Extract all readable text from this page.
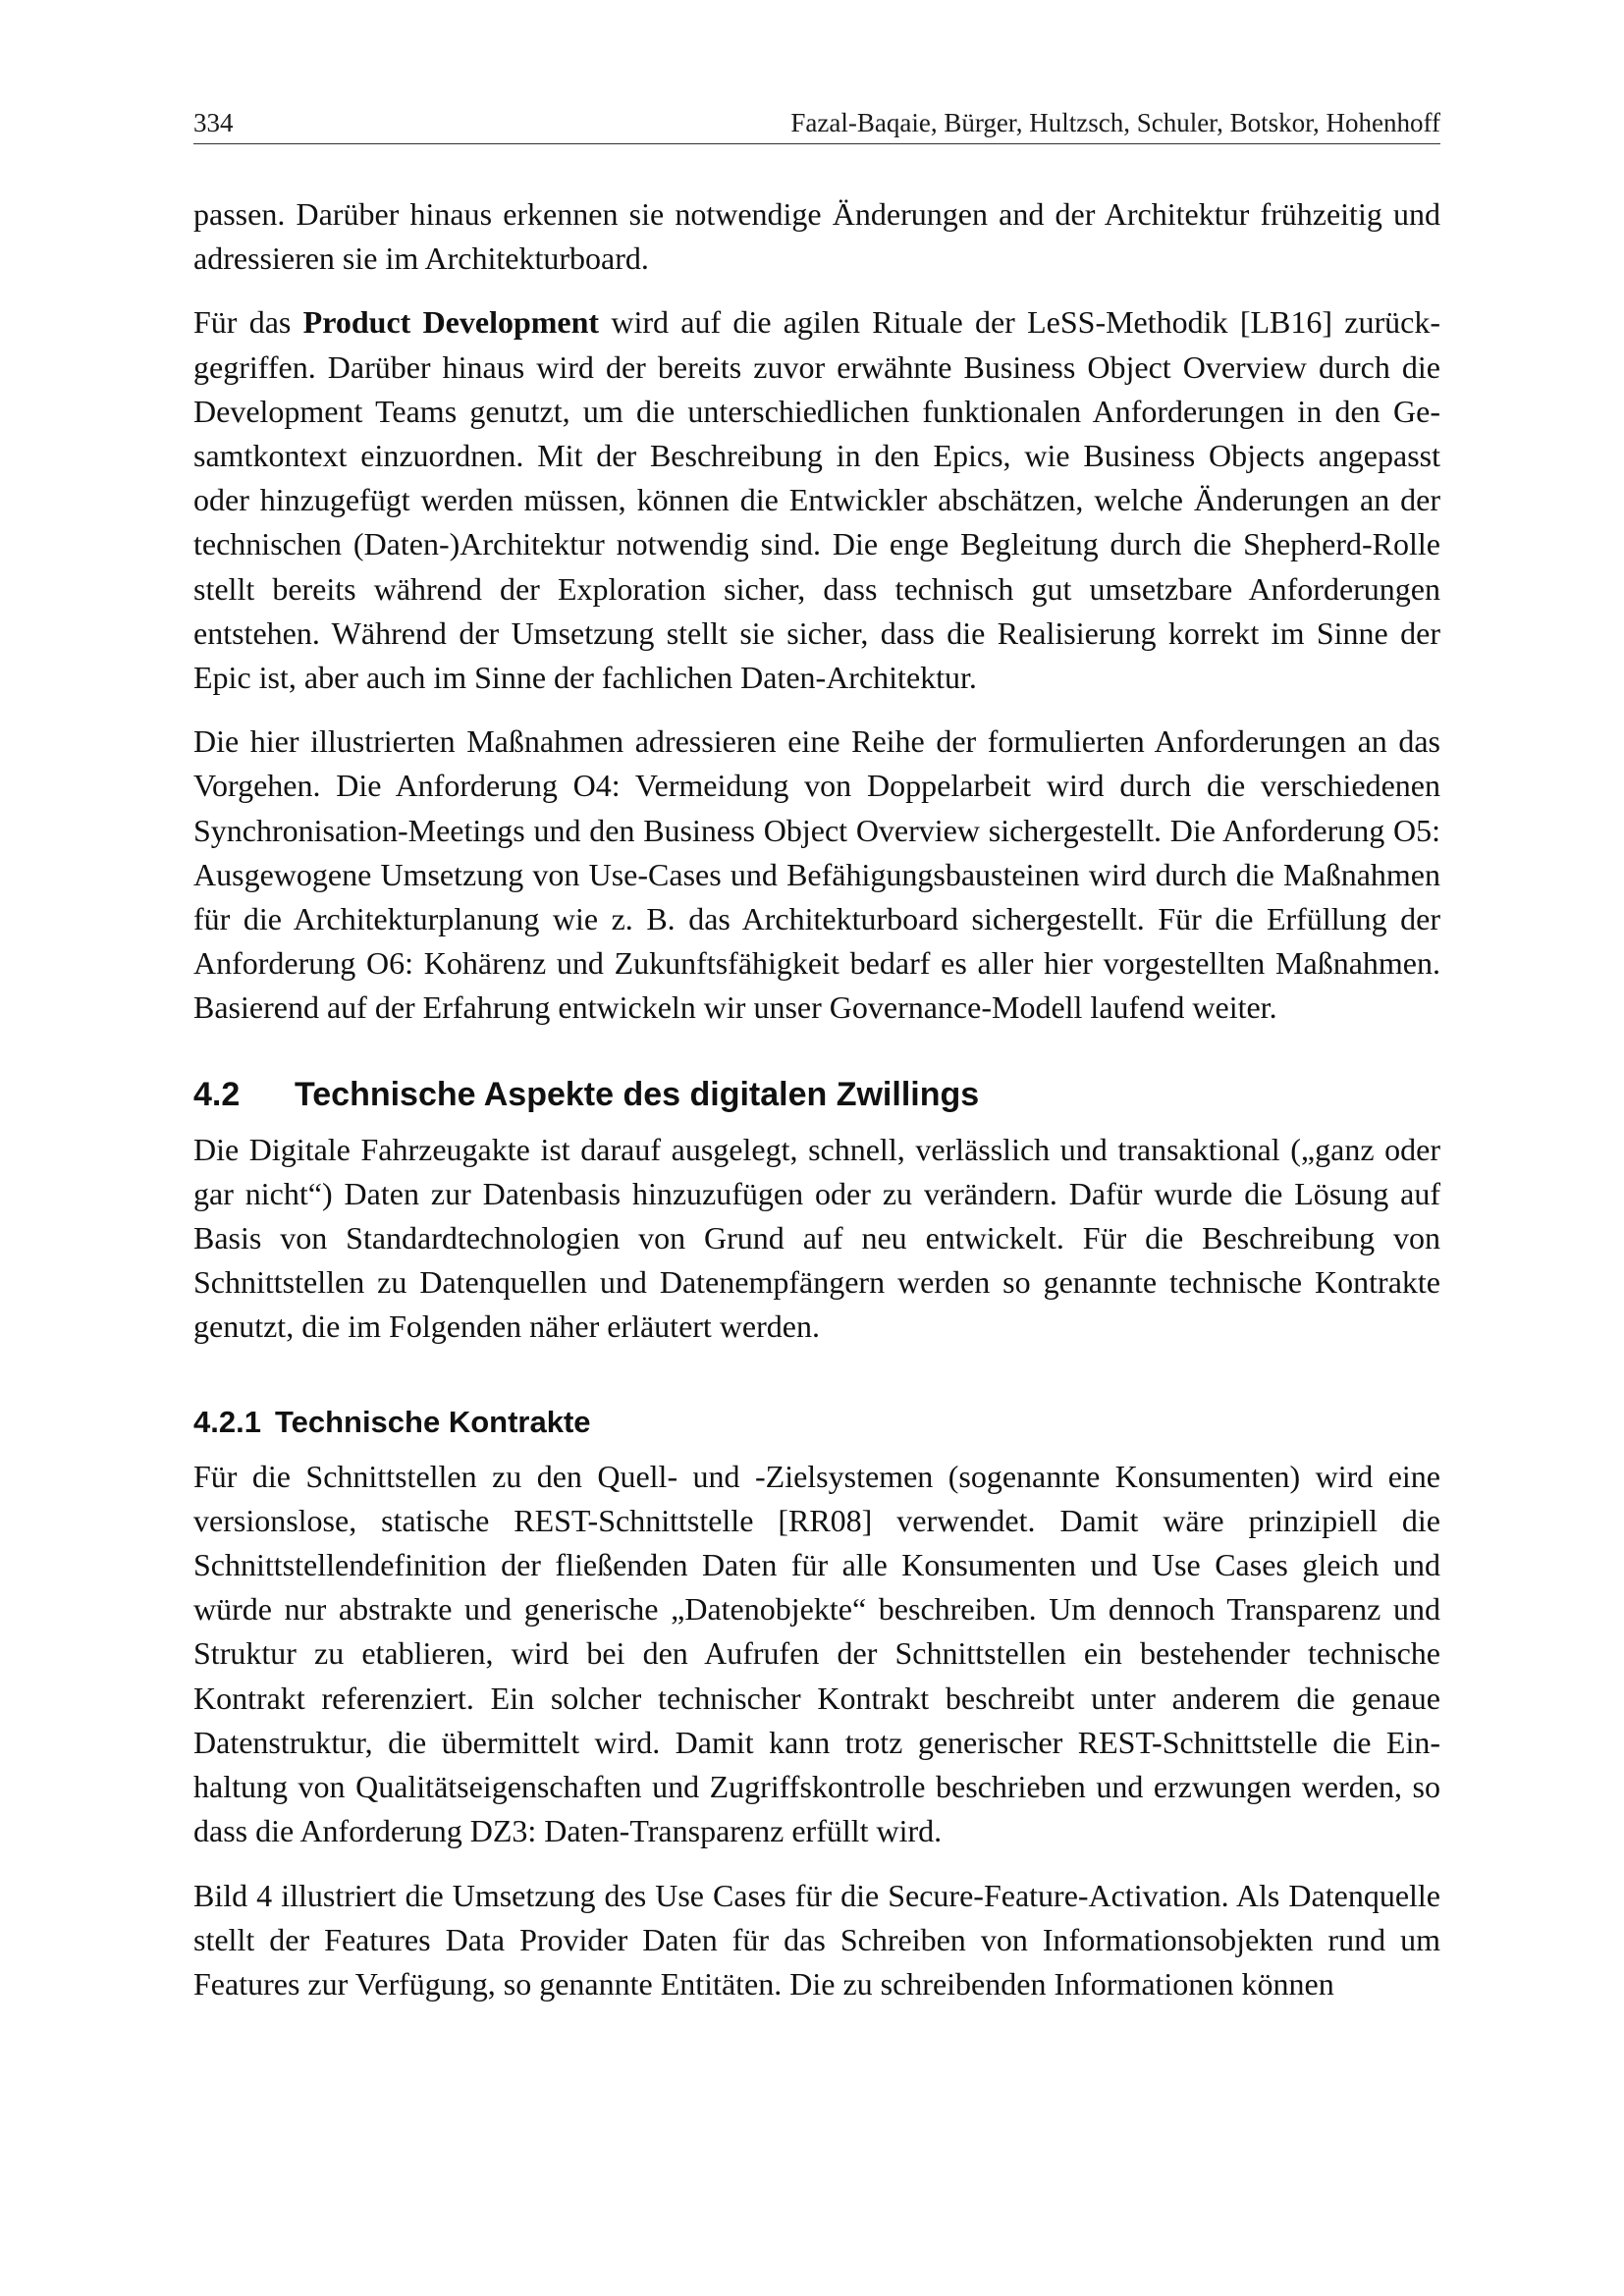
334	Fazal-Baqaie, Bürger, Hultzsch, Schuler, Botskor, Hohenhoff

passen. Darüber hinaus erkennen sie notwendige Änderungen and der Architektur frühzeitig und adressieren sie im Architekturboard.

Für das Product Development wird auf die agilen Rituale der LeSS-Methodik [LB16] zurückgegriffen. Darüber hinaus wird der bereits zuvor erwähnte Business Object Overview durch die Development Teams genutzt, um die unterschiedlichen funktionalen Anforderungen in den Gesamtkontext einzuordnen. Mit der Beschreibung in den Epics, wie Business Objects angepasst oder hinzugefügt werden müssen, können die Entwickler abschätzen, welche Änderungen an der technischen (Daten-)Architektur notwendig sind. Die enge Begleitung durch die Shepherd-Rolle stellt bereits während der Exploration sicher, dass technisch gut umsetzbare Anforderungen entstehen. Während der Umsetzung stellt sie sicher, dass die Realisierung korrekt im Sinne der Epic ist, aber auch im Sinne der fachlichen Daten-Architektur.

Die hier illustrierten Maßnahmen adressieren eine Reihe der formulierten Anforderungen an das Vorgehen. Die Anforderung O4: Vermeidung von Doppelarbeit wird durch die verschiedenen Synchronisation-Meetings und den Business Object Overview sichergestellt. Die Anforderung O5: Ausgewogene Umsetzung von Use-Cases und Befähigungsbausteinen wird durch die Maßnahmen für die Architekturplanung wie z. B. das Architekturboard sichergestellt. Für die Erfüllung der Anforderung O6: Kohärenz und Zukunftsfähigkeit bedarf es aller hier vorgestellten Maßnahmen. Basierend auf der Erfahrung entwickeln wir unser Governance-Modell laufend weiter.

4.2 Technische Aspekte des digitalen Zwillings

Die Digitale Fahrzeugakte ist darauf ausgelegt, schnell, verlässlich und transaktional („ganz oder gar nicht“) Daten zur Datenbasis hinzuzufügen oder zu verändern. Dafür wurde die Lösung auf Basis von Standardtechnologien von Grund auf neu entwickelt. Für die Beschreibung von Schnittstellen zu Datenquellen und Datenempfängern werden so genannte technische Kontrakte genutzt, die im Folgenden näher erläutert werden.

4.2.1 Technische Kontrakte

Für die Schnittstellen zu den Quell- und -Zielsystemen (sogenannte Konsumenten) wird eine versionslose, statische REST-Schnittstelle [RR08] verwendet. Damit wäre prinzipiell die Schnittstellendefinition der fließenden Daten für alle Konsumenten und Use Cases gleich und würde nur abstrakte und generische „Datenobjekte“ beschreiben. Um dennoch Transparenz und Struktur zu etablieren, wird bei den Aufrufen der Schnittstellen ein bestehender technische Kontrakt referenziert. Ein solcher technischer Kontrakt beschreibt unter anderem die genaue Datenstruktur, die übermittelt wird. Damit kann trotz generischer REST-Schnittstelle die Einhaltung von Qualitätseigenschaften und Zugriffskontrolle beschrieben und erzwungen werden, so dass die Anforderung DZ3: Daten-Transparenz erfüllt wird.

Bild 4 illustriert die Umsetzung des Use Cases für die Secure-Feature-Activation. Als Datenquelle stellt der Features Data Provider Daten für das Schreiben von Informationsobjekten rund um Features zur Verfügung, so genannte Entitäten. Die zu schreibenden Informationen können
